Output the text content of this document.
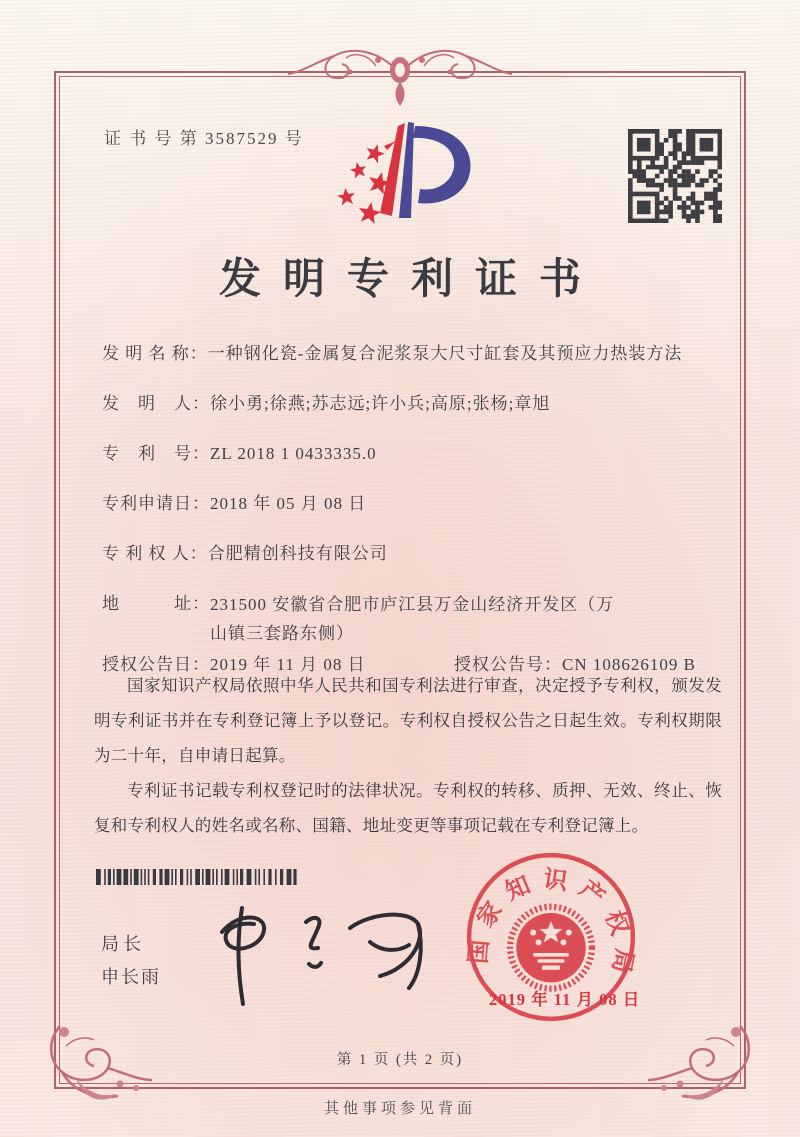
证 书 号 第 3587529 号
发明专利证书
发 明 名 称： 一种钢化瓷-金属复合泥浆泵大尺寸缸套及其预应力热装方法
发　明　人： 徐小勇;徐燕;苏志远;许小兵;高原;张杨;章旭
专　利　号： ZL 2018 1 0433335.0
专利申请日： 2018 年 05 月 08 日
专 利 权 人： 合肥精创科技有限公司
地　　　址： 231500 安徽省合肥市庐江县万金山经济开发区（万山镇三套路东侧）
授权公告日： 2019 年 11 月 08 日	授权公告号： CN 108626109 B

国家知识产权局依照中华人民共和国专利法进行审查，决定授予专利权，颁发发明专利证书并在专利登记簿上予以登记。专利权自授权公告之日起生效。专利权期限为二十年，自申请日起算。

专利证书记载专利权登记时的法律状况。专利权的转移、质押、无效、终止、恢复和专利权人的姓名或名称、国籍、地址变更等事项记载在专利登记簿上。

局长
申长雨
国家知识产权局
2019 年 11 月 08 日
第 1 页 (共 2 页)
其他事项参见背面
